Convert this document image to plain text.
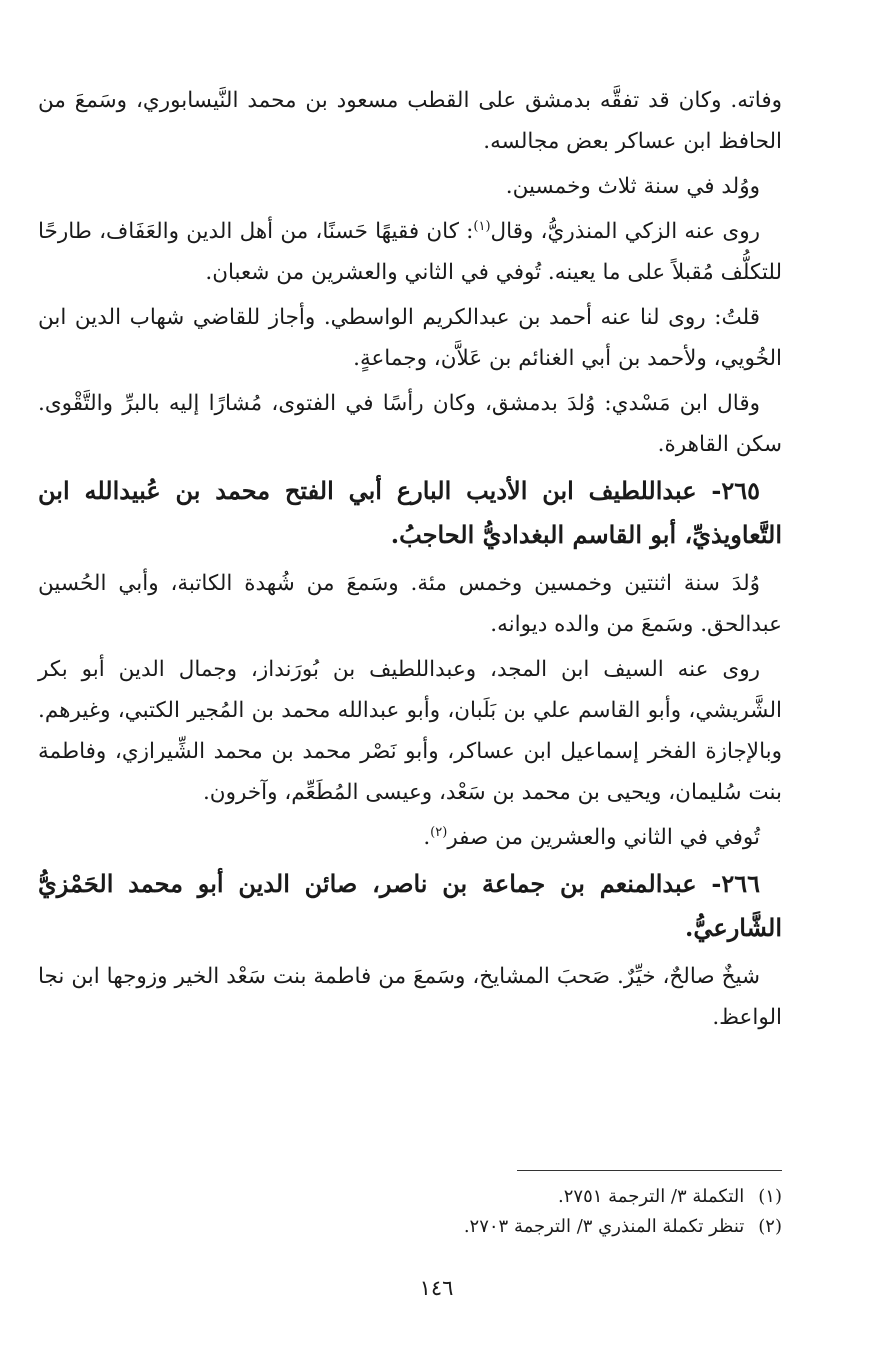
وفاته. وكان قد تفقَّه بدمشق على القطب مسعود بن محمد النَّيسابوري، وسَمعَ من الحافظ ابن عساكر بعض مجالسه.

ووُلد في سنة ثلاث وخمسين.

روى عنه الزكي المنذريُّ، وقال$^{(١)}$: كان فقيهًا حَسنًا، من أهل الدين والعَفَاف، طارحًا للتكلُّف مُقبلاً على ما يعينه. تُوفي في الثاني والعشرين من شعبان.

قلتُ: روى لنا عنه أحمد بن عبدالكريم الواسطي. وأجاز للقاضي شهاب الدين ابن الخُويي، ولأحمد بن أبي الغنائم بن عَلاَّن، وجماعةٍ.

وقال ابن مَسْدي: وُلدَ بدمشق، وكان رأسًا في الفتوى، مُشارًا إليه بالبرِّ والتَّقْوى. سكن القاهرة.

٢٦٥- عبداللطيف ابن الأديب البارع أبي الفتح محمد بن عُبيدالله ابن التَّعاويذيِّ، أبو القاسم البغداديُّ الحاجبُ.

وُلدَ سنة اثنتين وخمسين وخمس مئة. وسَمعَ من شُهدة الكاتبة، وأبي الحُسين عبدالحق. وسَمعَ من والده ديوانه.

روى عنه السيف ابن المجد، وعبداللطيف بن بُورَنداز، وجمال الدين أبو بكر الشَّريشي، وأبو القاسم علي بن بَلَبان، وأبو عبدالله محمد بن المُجير الكتبي، وغيرهم. وبالإجازة الفخر إسماعيل ابن عساكر، وأبو نَصْر محمد بن محمد الشِّيرازي، وفاطمة بنت سُليمان، ويحيى بن محمد بن سَعْد، وعيسى المُطَعِّم، وآخرون.

تُوفي في الثاني والعشرين من صفر$^{(٢)}$.

٢٦٦- عبدالمنعم بن جماعة بن ناصر، صائن الدين أبو محمد الحَمْزيُّ الشَّارعيُّ.

شيخٌ صالحٌ، خيِّرٌ. صَحبَ المشايخ، وسَمعَ من فاطمة بنت سَعْد الخير وزوجها ابن نجا الواعظ.

(١)التكملة ٣/ الترجمة ٢٧٥١.
(٢)تنظر تكملة المنذري ٣/ الترجمة ٢٧٠٣.
١٤٦
